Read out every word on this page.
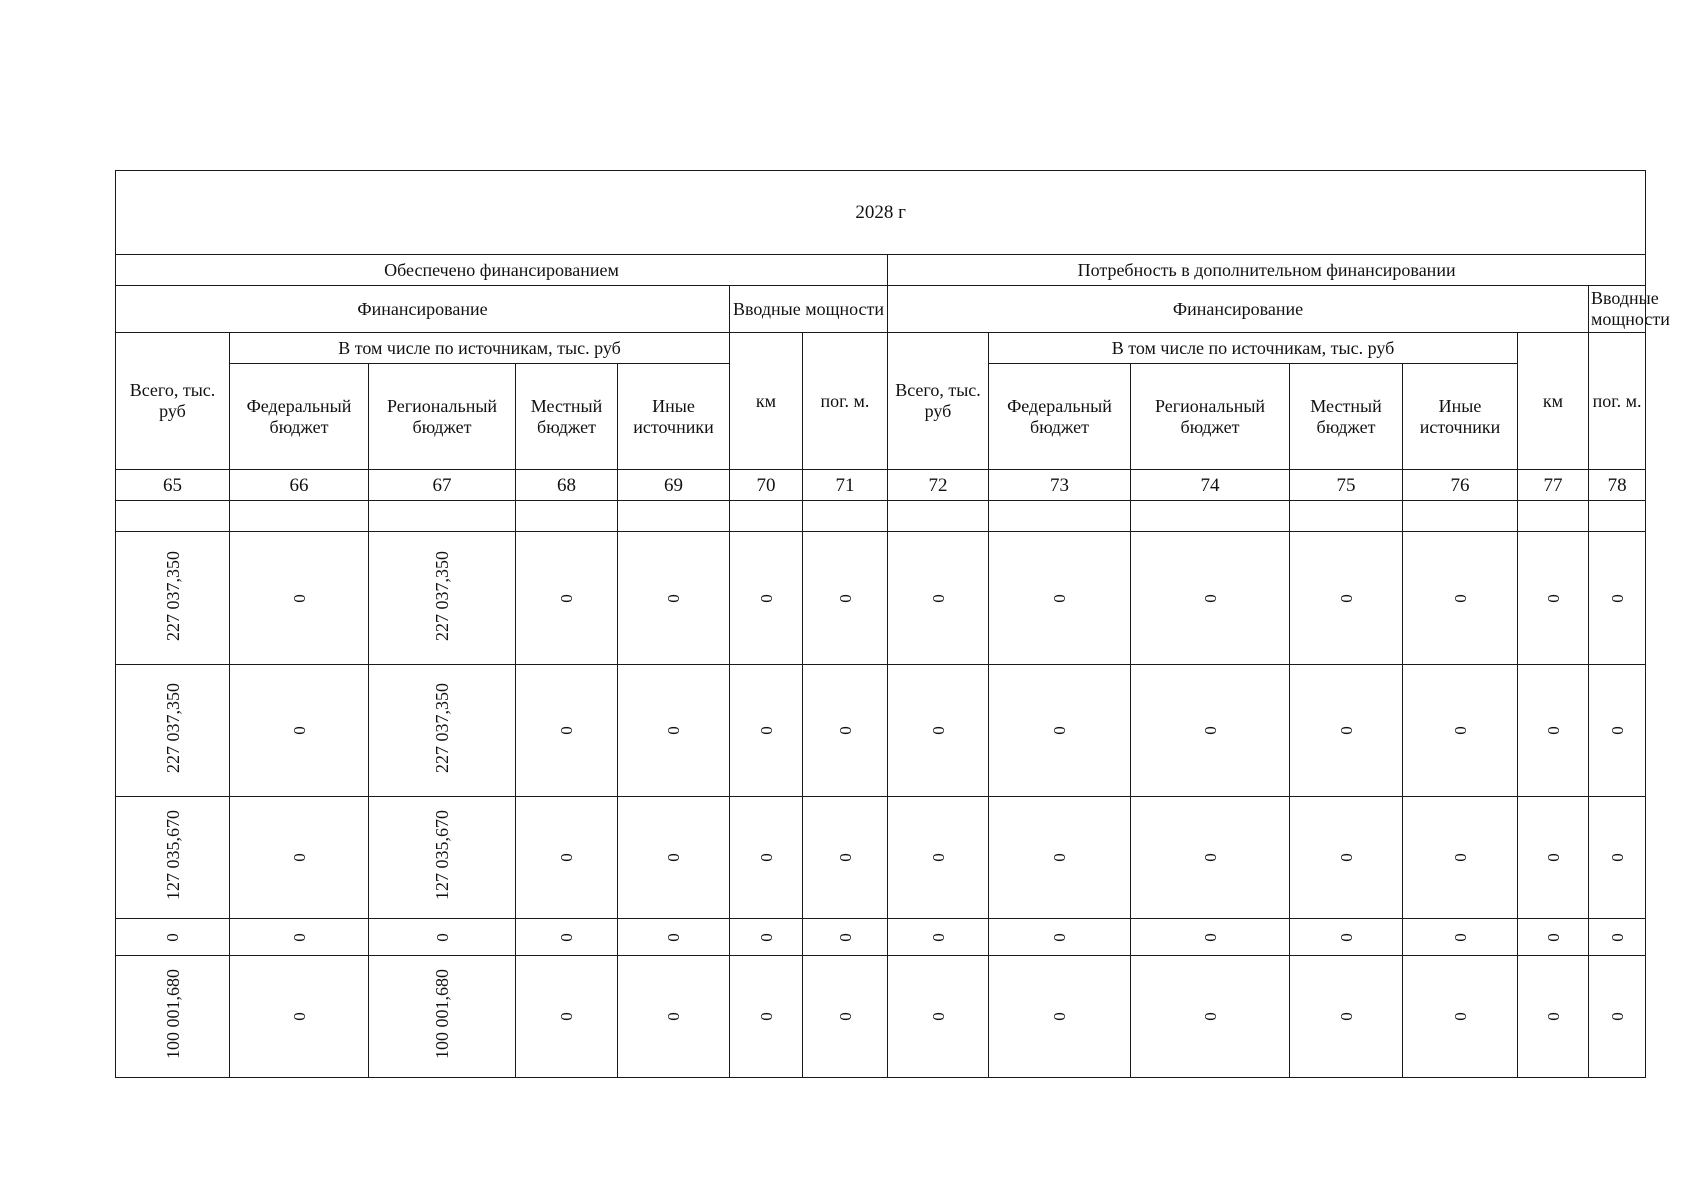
2028 г													
Обеспечено финансированием							Потребность в дополнительном финансировании						
Финансирование					Вводные мощности		Финансирование						Вводные мощности
Всего, тыс. руб	В том числе по источникам, тыс. руб				км	пог. м.	Всего, тыс. руб	В том числе по источникам, тыс. руб				км	пог. м.
	Федеральный бюджет	Региональный бюджет	Местный бюджет	Иные источники				Федеральный бюджет	Региональный бюджет	Местный бюджет	Иные источники		
65	66	67	68	69	70	71	72	73	74	75	76	77	78

227 037,350	0	227 037,350	0	0	0	0	0	0	0	0	0	0	0
227 037,350	0	227 037,350	0	0	0	0	0	0	0	0	0	0	0
127 035,670	0	127 035,670	0	0	0	0	0	0	0	0	0	0	0
0	0	0	0	0	0	0	0	0	0	0	0	0	0
100 001,680	0	100 001,680	0	0	0	0	0	0	0	0	0	0	0
